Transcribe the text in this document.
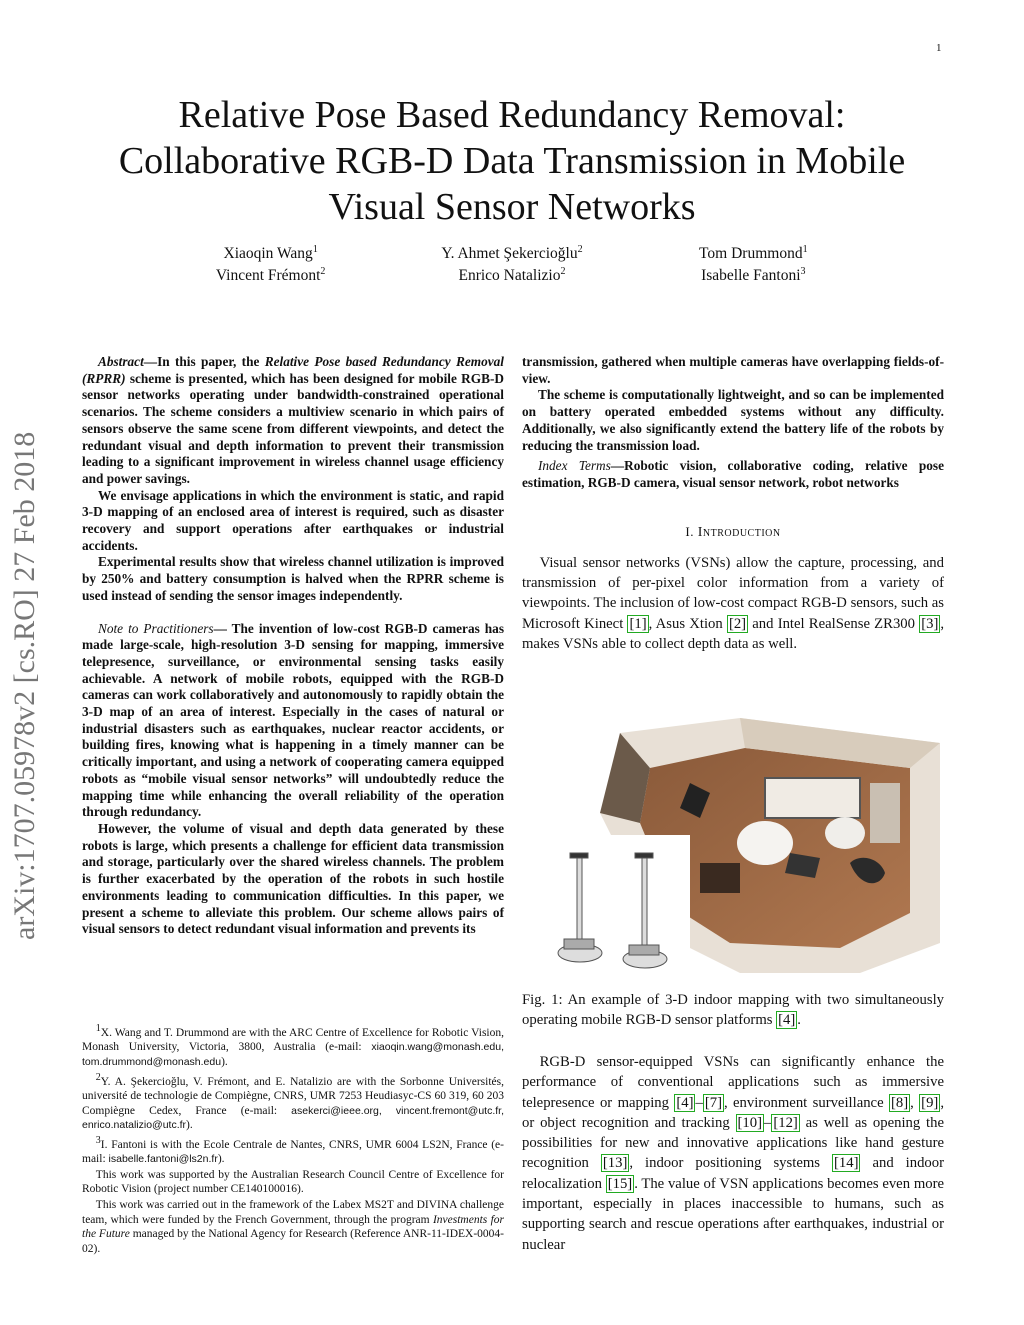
1
Relative Pose Based Redundancy Removal:
Collaborative RGB-D Data Transmission in Mobile
Visual Sensor Networks
Xiaoqin Wang$^1$	Y. Ahmet Şekercioğlu$^2$	Tom Drummond$^1$
Vincent Frémont$^2$	Enrico Natalizio$^2$	Isabelle Fantoni$^3$
arXiv:1707.05978v2 [cs.RO] 27 Feb 2018

Abstract—In this paper, the Relative Pose based Redundancy Removal (RPRR) scheme is presented, which has been designed for mobile RGB-D sensor networks operating under bandwidth-constrained operational scenarios. The scheme considers a multiview scenario in which pairs of sensors observe the same scene from different viewpoints, and detect the redundant visual and depth information to prevent their transmission leading to a significant improvement in wireless channel usage efficiency and power savings.

We envisage applications in which the environment is static, and rapid 3-D mapping of an enclosed area of interest is required, such as disaster recovery and support operations after earthquakes or industrial accidents.

Experimental results show that wireless channel utilization is improved by 250% and battery consumption is halved when the RPRR scheme is used instead of sending the sensor images independently.

Note to Practitioners— The invention of low-cost RGB-D cameras has made large-scale, high-resolution 3-D sensing for mapping, immersive telepresence, surveillance, or environmental sensing tasks easily achievable. A network of mobile robots, equipped with the RGB-D cameras can work collaboratively and autonomously to rapidly obtain the 3-D map of an area of interest. Especially in the cases of natural or industrial disasters such as earthquakes, nuclear reactor accidents, or building fires, knowing what is happening in a timely manner can be critically important, and using a network of cooperating camera equipped robots as “mobile visual sensor networks” will undoubtedly reduce the mapping time while enhancing the overall reliability of the operation through redundancy.

However, the volume of visual and depth data generated by these robots is large, which presents a challenge for efficient data transmission and storage, particularly over the shared wireless channels. The problem is further exacerbated by the operation of the robots in such hostile environments leading to communication difficulties. In this paper, we present a scheme to alleviate this problem. Our scheme allows pairs of visual sensors to detect redundant visual information and prevents its

$^1$X. Wang and T. Drummond are with the ARC Centre of Excellence for Robotic Vision, Monash University, Victoria, 3800, Australia (e-mail: xiaoqin.wang@monash.edu, tom.drummond@monash.edu).

$^2$Y. A. Şekercioğlu, V. Frémont, and E. Natalizio are with the Sorbonne Universités, université de technologie de Compiègne, CNRS, UMR 7253 Heudiasyc-CS 60 319, 60 203 Compiègne Cedex, France (e-mail: asekerci@ieee.org, vincent.fremont@utc.fr, enrico.natalizio@utc.fr).

$^3$I. Fantoni is with the Ecole Centrale de Nantes, CNRS, UMR 6004 LS2N, France (e-mail: isabelle.fantoni@ls2n.fr).

This work was supported by the Australian Research Council Centre of Excellence for Robotic Vision (project number CE140100016).

This work was carried out in the framework of the Labex MS2T and DIVINA challenge team, which were funded by the French Government, through the program Investments for the Future managed by the National Agency for Research (Reference ANR-11-IDEX-0004-02).

transmission, gathered when multiple cameras have overlapping fields-of-view.

The scheme is computationally lightweight, and so can be implemented on battery operated embedded systems without any difficulty. Additionally, we also significantly extend the battery life of the robots by reducing the transmission load.

Index Terms—Robotic vision, collaborative coding, relative pose estimation, RGB-D camera, visual sensor network, robot networks

I. Introduction

Visual sensor networks (VSNs) allow the capture, processing, and transmission of per-pixel color information from a variety of viewpoints. The inclusion of low-cost compact RGB-D sensors, such as Microsoft Kinect [1] , Asus Xtion [2] and Intel RealSense ZR300 [3] , makes VSNs able to collect depth data as well.

Fig. 1: An example of 3-D indoor mapping with two simultaneously operating mobile RGB-D sensor platforms [4] .

RGB-D sensor-equipped VSNs can significantly enhance the performance of conventional applications such as immersive telepresence or mapping [4] – [7] , environment surveillance [8] , [9] , or object recognition and tracking [10] – [12] as well as opening the possibilities for new and innovative applications like hand gesture recognition [13] , indoor positioning systems [14] and indoor relocalization [15] . The value of VSN applications becomes even more important, especially in places inaccessible to humans, such as supporting search and rescue operations after earthquakes, industrial or nuclear
